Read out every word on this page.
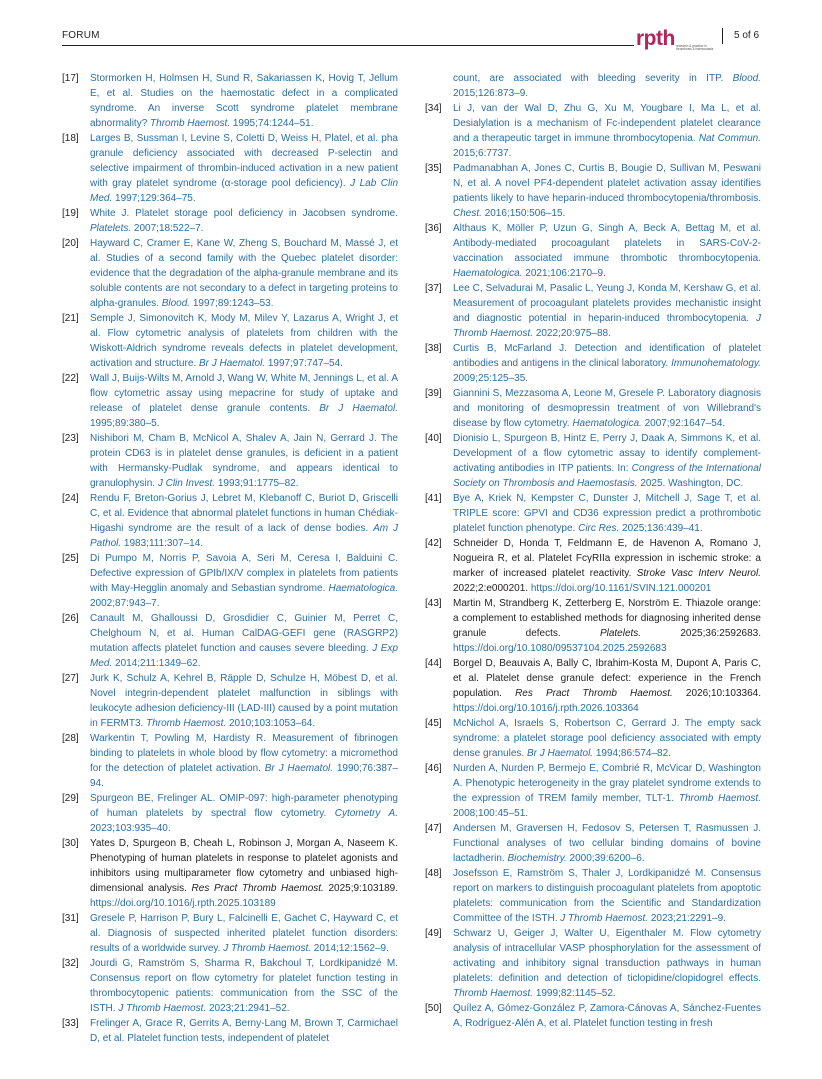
FORUM	rpth research & practice in thrombosis & haemostasis
5 of 6

[17] Stormorken H, Holmsen H, Sund R, Sakariassen K, Hovig T, Jellum E, et al. Studies on the haemostatic defect in a complicated syndrome. An inverse Scott syndrome platelet membrane abnormality? Thromb Haemost. 1995;74:1244–51.

[18] Larges B, Sussman I, Levine S, Coletti D, Weiss H, Platel, et al. pha granule deficiency associated with decreased P-selectin and selective impairment of thrombin-induced activation in a new patient with gray platelet syndrome (α-storage pool deficiency). J Lab Clin Med. 1997;129:364–75.

[19] White J. Platelet storage pool deficiency in Jacobsen syndrome. Platelets. 2007;18:522–7.

[20] Hayward C, Cramer E, Kane W, Zheng S, Bouchard M, Massé J, et al. Studies of a second family with the Quebec platelet disorder: evidence that the degradation of the alpha-granule membrane and its soluble contents are not secondary to a defect in targeting proteins to alpha-granules. Blood. 1997;89:1243–53.

[21] Semple J, Simonovitch K, Mody M, Milev Y, Lazarus A, Wright J, et al. Flow cytometric analysis of platelets from children with the Wiskott-Aldrich syndrome reveals defects in platelet development, activation and structure. Br J Haematol. 1997;97:747–54.

[22] Wall J, Buijs-Wilts M, Arnold J, Wang W, White M, Jennings L, et al. A flow cytometric assay using mepacrine for study of uptake and release of platelet dense granule contents. Br J Haematol. 1995;89:380–5.

[23] Nishibori M, Cham B, McNicol A, Shalev A, Jain N, Gerrard J. The protein CD63 is in platelet dense granules, is deficient in a patient with Hermansky-Pudlak syndrome, and appears identical to granulophysin. J Clin Invest. 1993;91:1775–82.

[24] Rendu F, Breton-Gorius J, Lebret M, Klebanoff C, Buriot D, Griscelli C, et al. Evidence that abnormal platelet functions in human Chédiak-Higashi syndrome are the result of a lack of dense bodies. Am J Pathol. 1983;111:307–14.

[25] Di Pumpo M, Norris P, Savoia A, Seri M, Ceresa I, Balduini C. Defective expression of GPIb/IX/V complex in platelets from patients with May-Hegglin anomaly and Sebastian syndrome. Haematologica. 2002;87:943–7.

[26] Canault M, Ghalloussi D, Grosdidier C, Guinier M, Perret C, Chelghoum N, et al. Human CalDAG-GEFI gene (RASGRP2) mutation affects platelet function and causes severe bleeding. J Exp Med. 2014;211:1349–62.

[27] Jurk K, Schulz A, Kehrel B, Räpple D, Schulze H, Möbest D, et al. Novel integrin-dependent platelet malfunction in siblings with leukocyte adhesion deficiency-III (LAD-III) caused by a point mutation in FERMT3. Thromb Haemost. 2010;103:1053–64.

[28] Warkentin T, Powling M, Hardisty R. Measurement of fibrinogen binding to platelets in whole blood by flow cytometry: a micromethod for the detection of platelet activation. Br J Haematol. 1990;76:387–94.

[29] Spurgeon BE, Frelinger AL. OMIP-097: high-parameter phenotyping of human platelets by spectral flow cytometry. Cytometry A. 2023;103:935–40.

[30] Yates D, Spurgeon B, Cheah L, Robinson J, Morgan A, Naseem K. Phenotyping of human platelets in response to platelet agonists and inhibitors using multiparameter flow cytometry and unbiased high-dimensional analysis. Res Pract Thromb Haemost. 2025;9:103189. https://doi.org/10.1016/j.rpth.2025.103189

[31] Gresele P, Harrison P, Bury L, Falcinelli E, Gachet C, Hayward C, et al. Diagnosis of suspected inherited platelet function disorders: results of a worldwide survey. J Thromb Haemost. 2014;12:1562–9.

[32] Jourdi G, Ramström S, Sharma R, Bakchoul T, Lordkipanidzé M. Consensus report on flow cytometry for platelet function testing in thrombocytopenic patients: communication from the SSC of the ISTH. J Thromb Haemost. 2023;21:2941–52.

[33] Frelinger A, Grace R, Gerrits A, Berny-Lang M, Brown T, Carmichael D, et al. Platelet function tests, independent of platelet

count, are associated with bleeding severity in ITP. Blood. 2015;126:873–9.

[34] Li J, van der Wal D, Zhu G, Xu M, Yougbare I, Ma L, et al. Desialylation is a mechanism of Fc-independent platelet clearance and a therapeutic target in immune thrombocytopenia. Nat Commun. 2015;6:7737.

[35] Padmanabhan A, Jones C, Curtis B, Bougie D, Sullivan M, Peswani N, et al. A novel PF4-dependent platelet activation assay identifies patients likely to have heparin-induced thrombocytopenia/thrombosis. Chest. 2016;150:506–15.

[36] Althaus K, Möller P, Uzun G, Singh A, Beck A, Bettag M, et al. Antibody-mediated procoagulant platelets in SARS-CoV-2-vaccination associated immune thrombotic thrombocytopenia. Haematologica. 2021;106:2170–9.

[37] Lee C, Selvadurai M, Pasalic L, Yeung J, Konda M, Kershaw G, et al. Measurement of procoagulant platelets provides mechanistic insight and diagnostic potential in heparin-induced thrombocytopenia. J Thromb Haemost. 2022;20:975–88.

[38] Curtis B, McFarland J. Detection and identification of platelet antibodies and antigens in the clinical laboratory. Immunohematology. 2009;25:125–35.

[39] Giannini S, Mezzasoma A, Leone M, Gresele P. Laboratory diagnosis and monitoring of desmopressin treatment of von Willebrand's disease by flow cytometry. Haematologica. 2007;92:1647–54.

[40] Dionisio L, Spurgeon B, Hintz E, Perry J, Daak A, Simmons K, et al. Development of a flow cytometric assay to identify complement-activating antibodies in ITP patients. In: Congress of the International Society on Thrombosis and Haemostasis. 2025. Washington, DC.

[41] Bye A, Kriek N, Kempster C, Dunster J, Mitchell J, Sage T, et al. TRIPLE score: GPVI and CD36 expression predict a prothrombotic platelet function phenotype. Circ Res. 2025;136:439–41.

[42] Schneider D, Honda T, Feldmann E, de Havenon A, Romano J, Nogueira R, et al. Platelet FcγRIIa expression in ischemic stroke: a marker of increased platelet reactivity. Stroke Vasc Interv Neurol. 2022;2:e000201. https://doi.org/10.1161/SVIN.121.000201

[43] Martin M, Strandberg K, Zetterberg E, Norström E. Thiazole orange: a complement to established methods for diagnosing inherited dense granule defects.	Platelets.	2025;36:2592683. https://doi.org/10.1080/09537104.2025.2592683

[44] Borgel D, Beauvais A, Bally C, Ibrahim-Kosta M, Dupont A, Paris C, et al. Platelet dense granule defect: experience in the French population. Res Pract Thromb Haemost. 2026;10:103364. https://doi.org/10.1016/j.rpth.2026.103364

[45] McNichol A, Israels S, Robertson C, Gerrard J. The empty sack syndrome: a platelet storage pool deficiency associated with empty dense granules. Br J Haematol. 1994;86:574–82.

[46] Nurden A, Nurden P, Bermejo E, Combrié R, McVicar D, Washington A. Phenotypic heterogeneity in the gray platelet syndrome extends to the expression of TREM family member, TLT-1. Thromb Haemost. 2008;100:45–51.

[47] Andersen M, Graversen H, Fedosov S, Petersen T, Rasmussen J. Functional analyses of two cellular binding domains of bovine lactadherin. Biochemistry. 2000;39:6200–6.

[48] Josefsson E, Ramström S, Thaler J, Lordkipanidzé M. Consensus report on markers to distinguish procoagulant platelets from apoptotic platelets: communication from the Scientific and Standardization Committee of the ISTH. J Thromb Haemost. 2023;21:2291–9.

[49] Schwarz U, Geiger J, Walter U, Eigenthaler M. Flow cytometry analysis of intracellular VASP phosphorylation for the assessment of activating and inhibitory signal transduction pathways in human platelets: definition and detection of ticlopidine/clopidogrel effects. Thromb Haemost. 1999;82:1145–52.

[50] Quílez A, Gómez-González P, Zamora-Cánovas A, Sánchez-Fuentes A, Rodríguez-Alén A, et al. Platelet function testing in fresh
